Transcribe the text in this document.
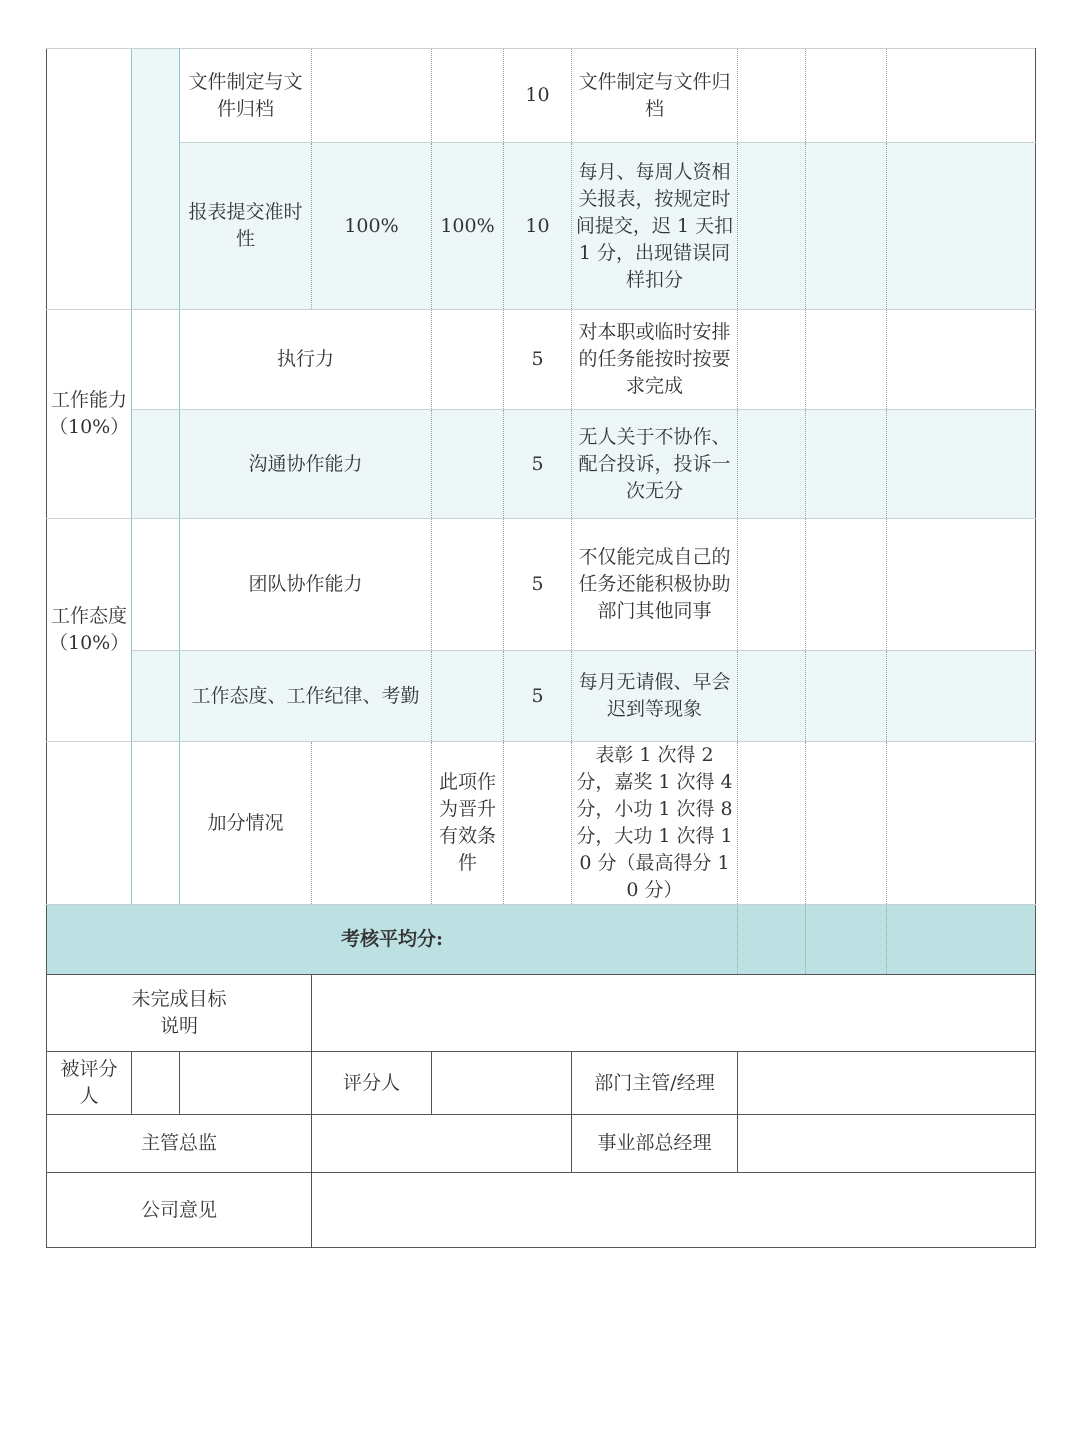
		文件制定与文件归档			10	文件制定与文件归档			
		报表提交准时性	100%	100%	10	每月、每周人资相关报表，按规定时间提交，迟 1 天扣 1 分，出现错误同样扣分			
工作能力（10%）		执行力			5	对本职或临时安排的任务能按时按要求完成			
		沟通协作能力			5	无人关于不协作、配合投诉，投诉一次无分			
工作态度（10%）		团队协作能力			5	不仅能完成自己的任务还能积极协助部门其他同事			
		工作态度、工作纪律、考勤			5	每月无请假、早会迟到等现象			
		加分情况		此项作为晋升有效条件		表彰 1 次得 2 分，嘉奖 1 次得 4 分，小功 1 次得 8 分，大功 1 次得 10 分（最高得分 10 分）			
考核平均分:									

未完成目标说明									

被评分人			评分人			部门主管/经理			
主管总监						事业部总经理			
公司意见									
